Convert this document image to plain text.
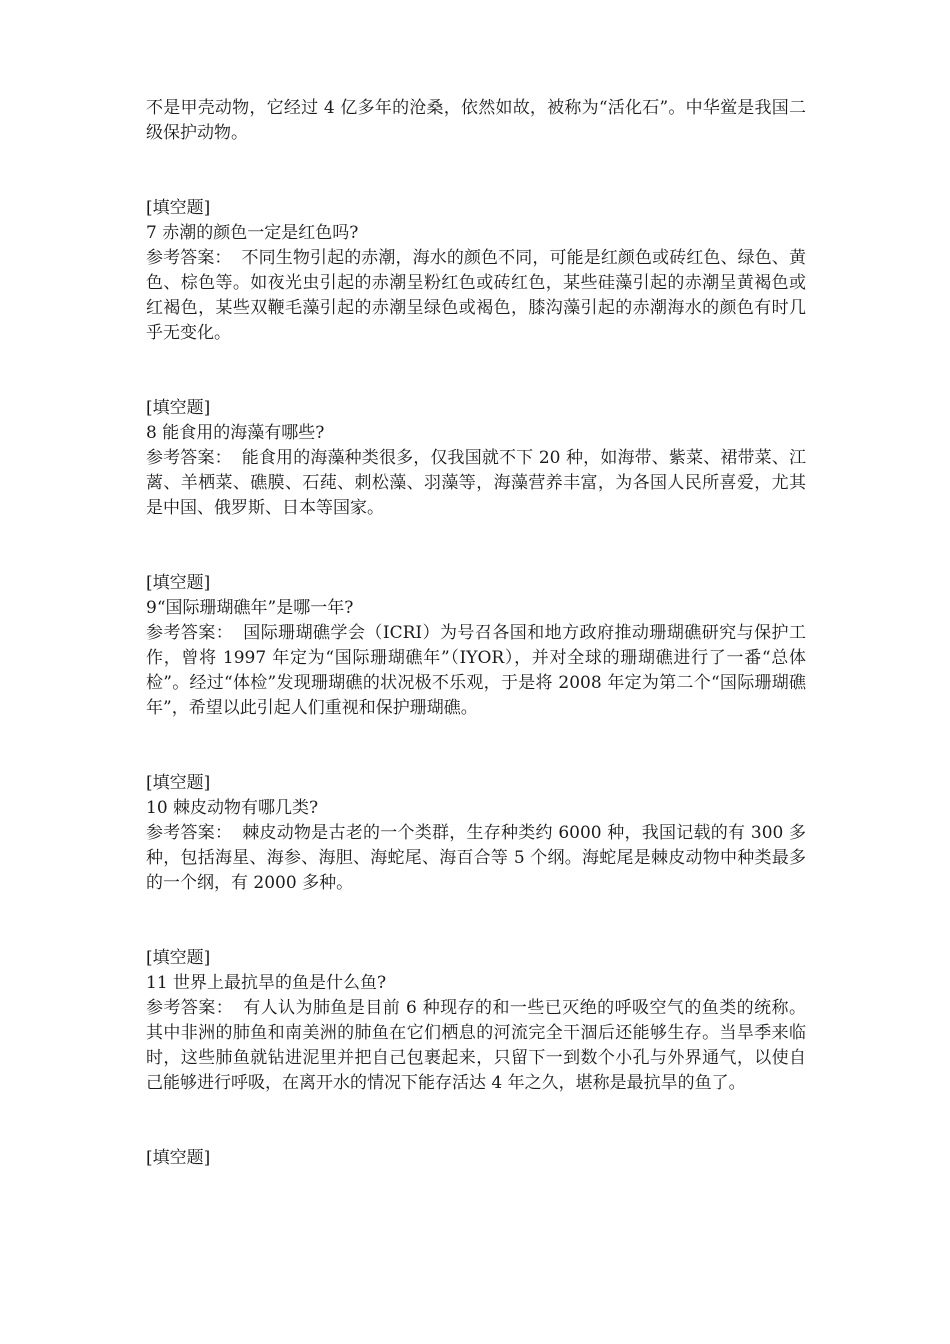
不是甲壳动物，它经过 4 亿多年的沧桑，依然如故，被称为“活化石”。中华鲎是我国二级保护动物。

[填空题]

7 赤潮的颜色一定是红色吗?

参考答案： 不同生物引起的赤潮，海水的颜色不同，可能是红颜色或砖红色、绿色、黄色、棕色等。如夜光虫引起的赤潮呈粉红色或砖红色，某些硅藻引起的赤潮呈黄褐色或红褐色，某些双鞭毛藻引起的赤潮呈绿色或褐色，膝沟藻引起的赤潮海水的颜色有时几乎无变化。

[填空题]

8 能食用的海藻有哪些?

参考答案： 能食用的海藻种类很多，仅我国就不下 20 种，如海带、紫菜、裙带菜、江蓠、羊栖菜、礁膜、石莼、刺松藻、羽藻等，海藻营养丰富，为各国人民所喜爱，尤其是中国、俄罗斯、日本等国家。

[填空题]

9“国际珊瑚礁年”是哪一年?

参考答案： 国际珊瑚礁学会（ICRI）为号召各国和地方政府推动珊瑚礁研究与保护工作，曾将 1997 年定为“国际珊瑚礁年”（IYOR），并对全球的珊瑚礁进行了一番“总体检”。经过“体检”发现珊瑚礁的状况极不乐观，于是将 2008 年定为第二个“国际珊瑚礁年”，希望以此引起人们重视和保护珊瑚礁。

[填空题]

10 棘皮动物有哪几类?

参考答案： 棘皮动物是古老的一个类群，生存种类约 6000 种，我国记载的有 300 多种，包括海星、海参、海胆、海蛇尾、海百合等 5 个纲。海蛇尾是棘皮动物中种类最多的一个纲，有 2000 多种。

[填空题]

11 世界上最抗旱的鱼是什么鱼?

参考答案： 有人认为肺鱼是目前 6 种现存的和一些已灭绝的呼吸空气的鱼类的统称。其中非洲的肺鱼和南美洲的肺鱼在它们栖息的河流完全干涸后还能够生存。当旱季来临时，这些肺鱼就钻进泥里并把自己包裹起来，只留下一到数个小孔与外界通气，以使自己能够进行呼吸，在离开水的情况下能存活达 4 年之久，堪称是最抗旱的鱼了。

[填空题]
